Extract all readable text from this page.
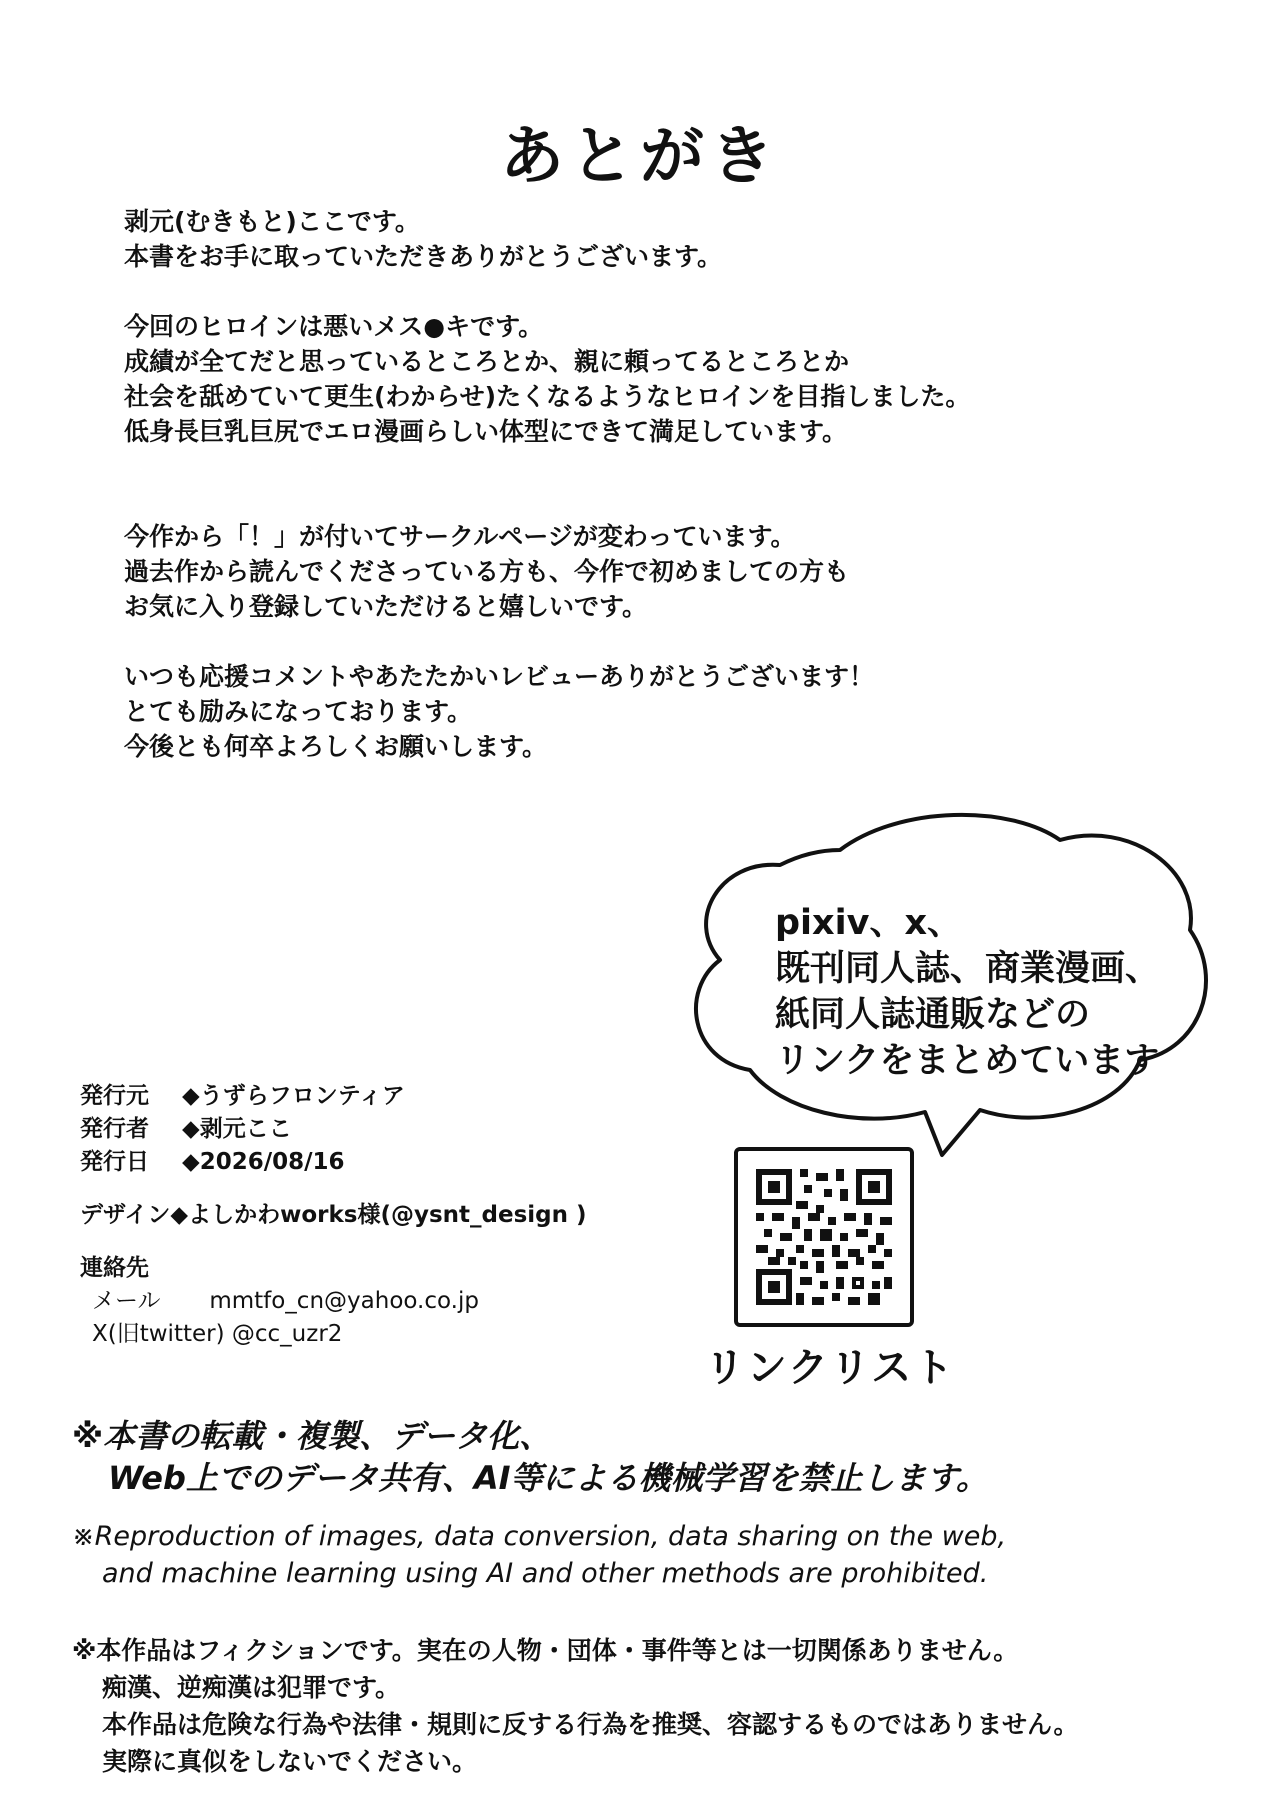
あとがき
剥元(むきもと)ここです。
本書をお手に取っていただきありがとうございます。
今回のヒロインは悪いメス●キです。
成績が全てだと思っているところとか、親に頼ってるところとか
社会を舐めていて更生(わからせ)たくなるようなヒロインを目指しました。
低身長巨乳巨尻でエロ漫画らしい体型にできて満足しています。
今作から「！」が付いてサークルページが変わっています。
過去作から読んでくださっている方も、今作で初めましての方も
お気に入り登録していただけると嬉しいです。
いつも応援コメントやあたたかいレビューありがとうございます！
とても励みになっております。
今後とも何卒よろしくお願いします。
pixiv、x、
既刊同人誌、商業漫画、
紙同人誌通販などの
リンクをまとめています
リンクリスト
発行元 ◆うずらフロンティア
発行者 ◆剥元ここ
発行日 ◆2026/08/16
デザイン◆よしかわworks様(@ysnt_design )
連絡先
メール mmtfo_cn@yahoo.co.jp
X(旧twitter) @cc_uzr2
※本書の転載・複製、データ化、
Web上でのデータ共有、AI等による機械学習を禁止します。
※Reproduction of images, data conversion, data sharing on the web,
and machine learning using AI and other methods are prohibited.
※本作品はフィクションです。実在の人物・団体・事件等とは一切関係ありません。
痴漢、逆痴漢は犯罪です。
本作品は危険な行為や法律・規則に反する行為を推奨、容認するものではありません。
実際に真似をしないでください。
